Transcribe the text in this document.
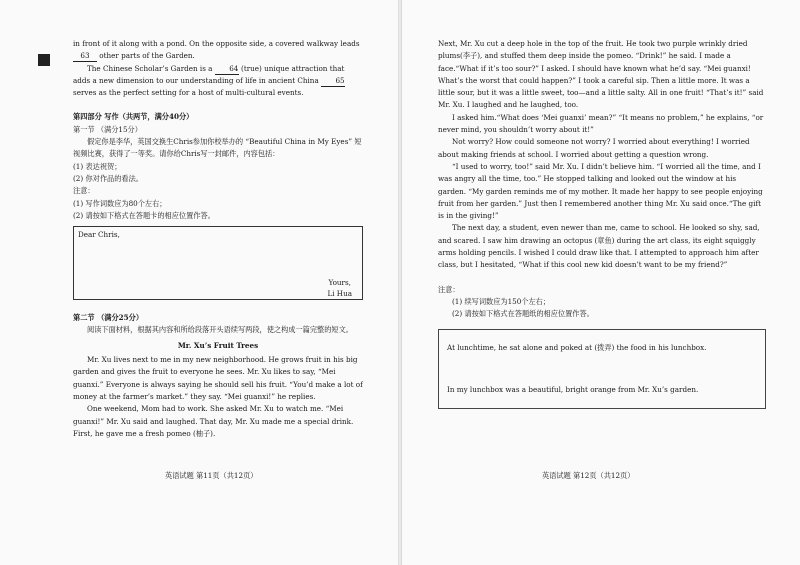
in front of it along with a pond. On the opposite side, a covered walkway leads 63 other parts of the Garden.

The Chinese Scholar’s Garden is a 64 (true) unique attraction that adds a new dimension to our understanding of life in ancient China 65 serves as the perfect setting for a host of multi-cultural events.

第四部分 写作（共两节，满分40分）

第一节 （满分15分）

假定你是李华，英国交换生Chris参加你校举办的 “Beautiful China in My Eyes” 短视频比赛，获得了一等奖。请你给Chris写一封邮件，内容包括：

(1) 表达祝贺；

(2) 你对作品的看法。

注意：

(1) 写作词数应为80个左右；

(2) 请按如下格式在答题卡的相应位置作答。

Dear Chris,
Yours,
Li Hua

第二节 （满分25分）

阅读下面材料，根据其内容和所给段落开头语续写两段，使之构成一篇完整的短文。

Mr. Xu’s Fruit Trees

Mr. Xu lives next to me in my new neighborhood. He grows fruit in his big garden and gives the fruit to everyone he sees. Mr. Xu likes to say, “Mei guanxi.” Everyone is always saying he should sell his fruit. “You’d make a lot of money at the farmer’s market.” they say. “Mei guanxi!” he replies.

One weekend, Mom had to work. She asked Mr. Xu to watch me. “Mei guanxi!” Mr. Xu said and laughed. That day, Mr. Xu made me a special drink. First, he gave me a fresh pomeo (柚子).

英语试题 第11页（共12页）

Next, Mr. Xu cut a deep hole in the top of the fruit. He took two purple wrinkly dried plums(李子), and stuffed them deep inside the pomeo. “Drink!” he said. I made a face.“What if it’s too sour?” I asked. I should have known what he’d say. “Mei guanxi! What’s the worst that could happen?” I took a careful sip. Then a little more. It was a little sour, but it was a little sweet, too—and a little salty. All in one fruit! “That’s it!” said Mr. Xu. I laughed and he laughed, too.

I asked him.“What does ‘Mei guanxi’ mean?” “It means no problem,” he explains, “or never mind, you shouldn’t worry about it!”

Not worry? How could someone not worry? I worried about everything! I worried about making friends at school. I worried about getting a question wrong.

“I used to worry, too!” said Mr. Xu. I didn’t believe him. “I worried all the time, and I was angry all the time, too.” He stopped talking and looked out the window at his garden. “My garden reminds me of my mother. It made her happy to see people enjoying fruit from her garden.” Just then I remembered another thing Mr. Xu said once.“The gift is in the giving!”

The next day, a student, even newer than me, came to school. He looked so shy, sad, and scared. I saw him drawing an octopus (章鱼) during the art class, its eight squiggly arms holding pencils. I wished I could draw like that. I attempted to approach him after class, but I hesitated, “What if this cool new kid doesn’t want to be my friend?”

注意：

(1) 续写词数应为150个左右；

(2) 请按如下格式在答题纸的相应位置作答。

At lunchtime, he sat alone and poked at (拨弄) the food in his lunchbox.
In my lunchbox was a beautiful, bright orange from Mr. Xu’s garden.
英语试题 第12页（共12页）
